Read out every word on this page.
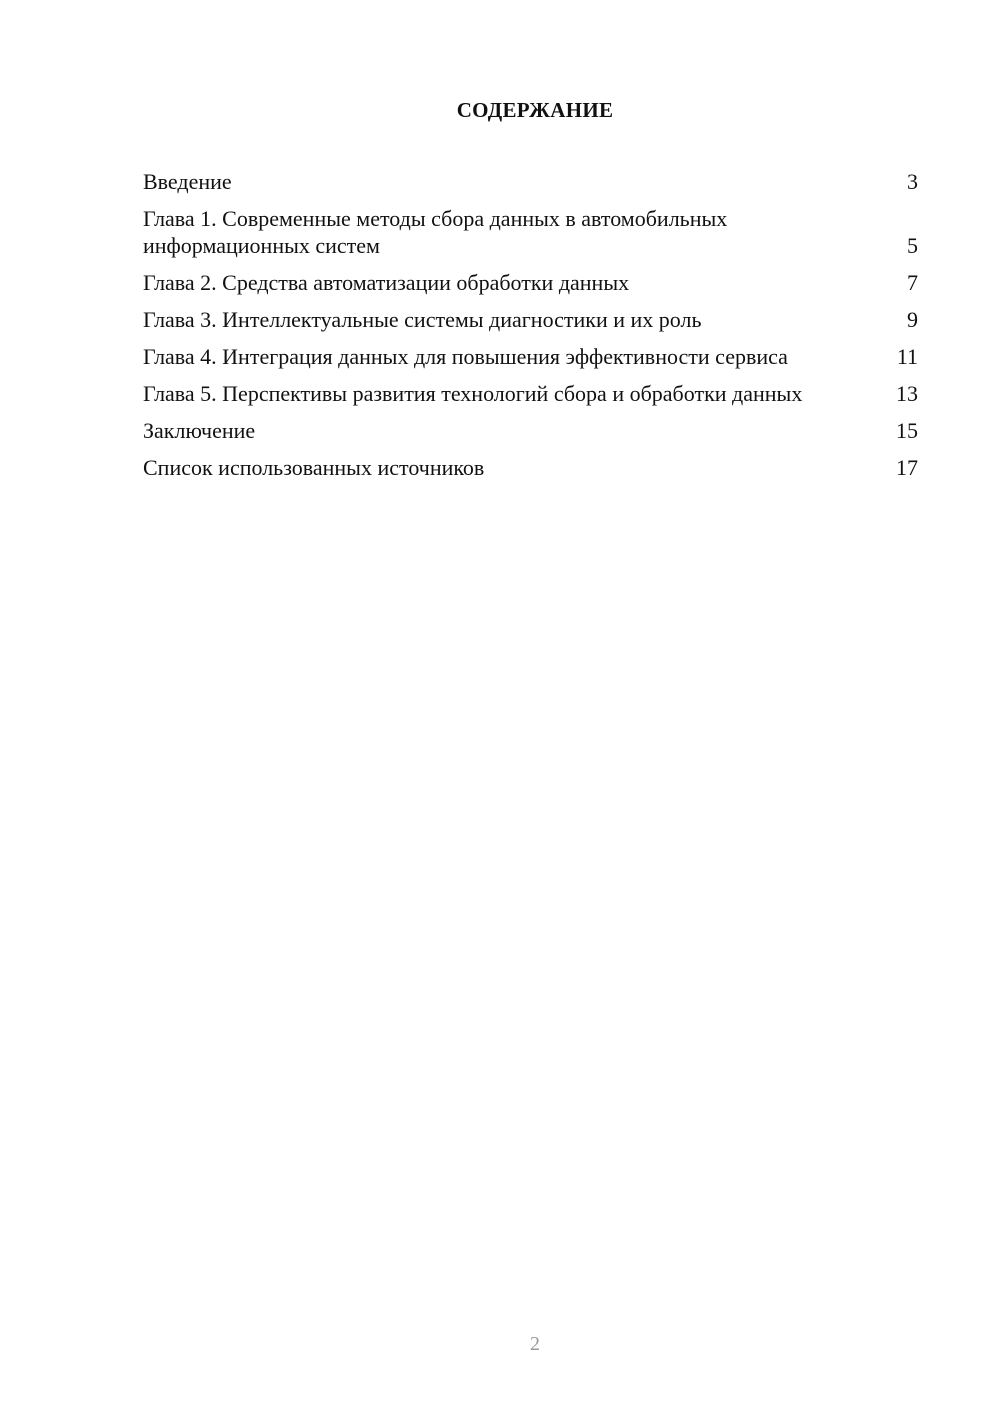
СОДЕРЖАНИЕ
Введение	3
Глава 1. Современные методы сбора данных в автомобильных информационных систем	5
Глава 2. Средства автоматизации обработки данных	7
Глава 3. Интеллектуальные системы диагностики и их роль	9
Глава 4. Интеграция данных для повышения эффективности сервиса	11
Глава 5. Перспективы развития технологий сбора и обработки данных	13
Заключение	15
Список использованных источников	17
2
